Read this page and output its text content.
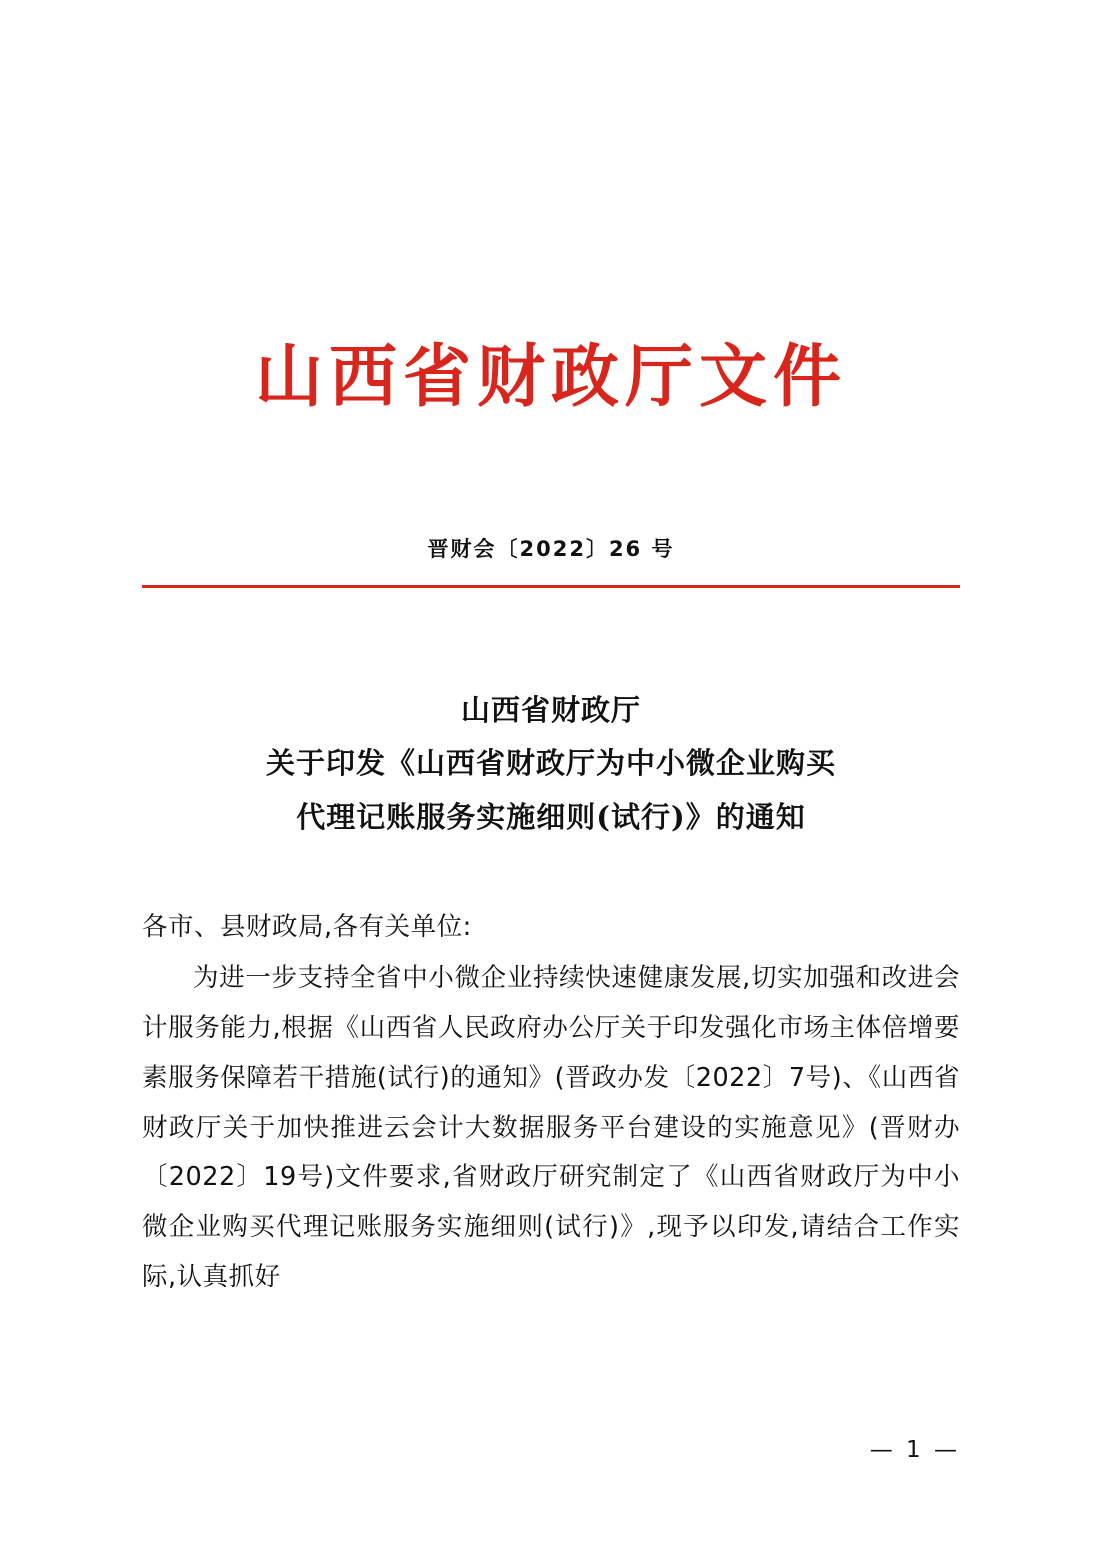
山西省财政厅文件
晋财会〔2022〕26 号
山西省财政厅
关于印发《山西省财政厅为中小微企业购买
代理记账服务实施细则(试行)》的通知

各市、县财政局,各有关单位:

为进一步支持全省中小微企业持续快速健康发展,切实加强和改进会计服务能力,根据《山西省人民政府办公厅关于印发强化市场主体倍增要素服务保障若干措施(试行)的通知》(晋政办发〔2022〕7号)、《山西省财政厅关于加快推进云会计大数据服务平台建设的实施意见》(晋财办〔2022〕19号)文件要求,省财政厅研究制定了《山西省财政厅为中小微企业购买代理记账服务实施细则(试行)》,现予以印发,请结合工作实际,认真抓好

— 1 —
